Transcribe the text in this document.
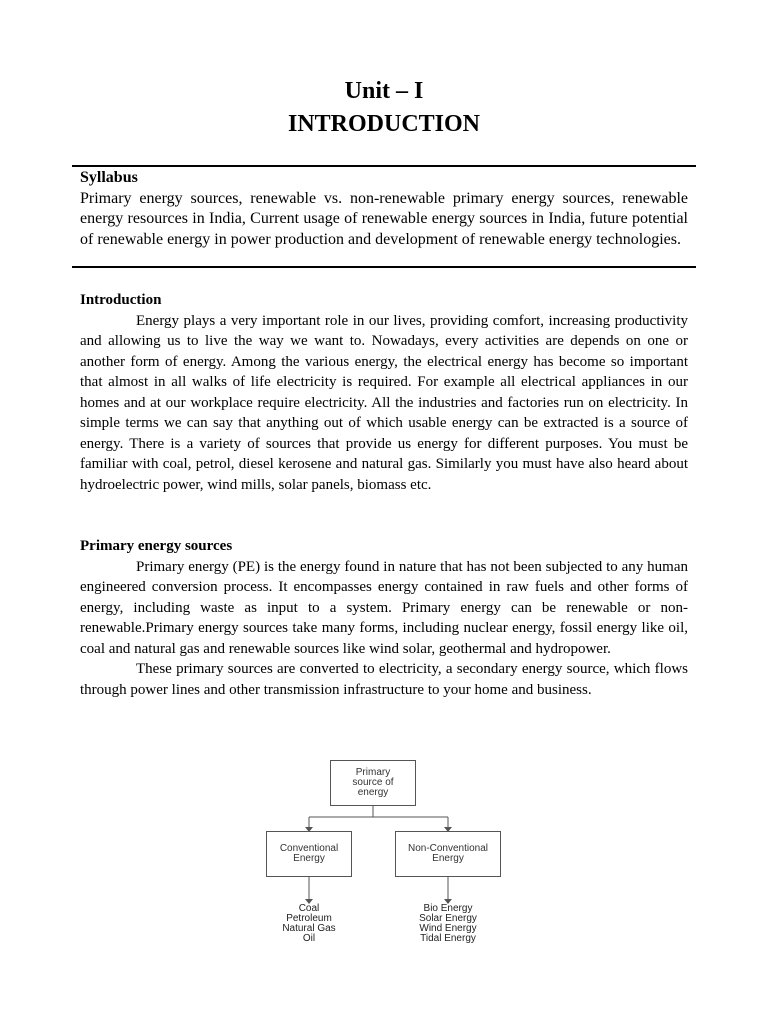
Unit – I
INTRODUCTION
Syllabus
Primary energy sources, renewable vs. non-renewable primary energy sources, renewable energy resources in India, Current usage of renewable energy sources in India, future potential of renewable energy in power production and development of renewable energy technologies.
Introduction

Energy plays a very important role in our lives, providing comfort, increasing productivity and allowing us to live the way we want to. Nowadays, every activities are depends on one or another form of energy. Among the various energy, the electrical energy has become so important that almost in all walks of life electricity is required. For example all electrical appliances in our homes and at our workplace require electricity. All the industries and factories run on electricity. In simple terms we can say that anything out of which usable energy can be extracted is a source of energy. There is a variety of sources that provide us energy for different purposes. You must be familiar with coal, petrol, diesel kerosene and natural gas. Similarly you must have also heard about hydroelectric power, wind mills, solar panels, biomass etc.

Primary energy sources

Primary energy (PE) is the energy found in nature that has not been subjected to any human engineered conversion process. It encompasses energy contained in raw fuels and other forms of energy, including waste as input to a system. Primary energy can be renewable or non-renewable.Primary energy sources take many forms, including nuclear energy, fossil energy like oil, coal and natural gas and renewable sources like wind solar, geothermal and hydropower.

These primary sources are converted to electricity, a secondary energy source, which flows through power lines and other transmission infrastructure to your home and business.

Primary
source of
energy
Conventional
Energy
Non-Conventional
Energy
Coal
Petroleum
Natural Gas
Oil
Bio Energy
Solar Energy
Wind Energy
Tidal Energy
